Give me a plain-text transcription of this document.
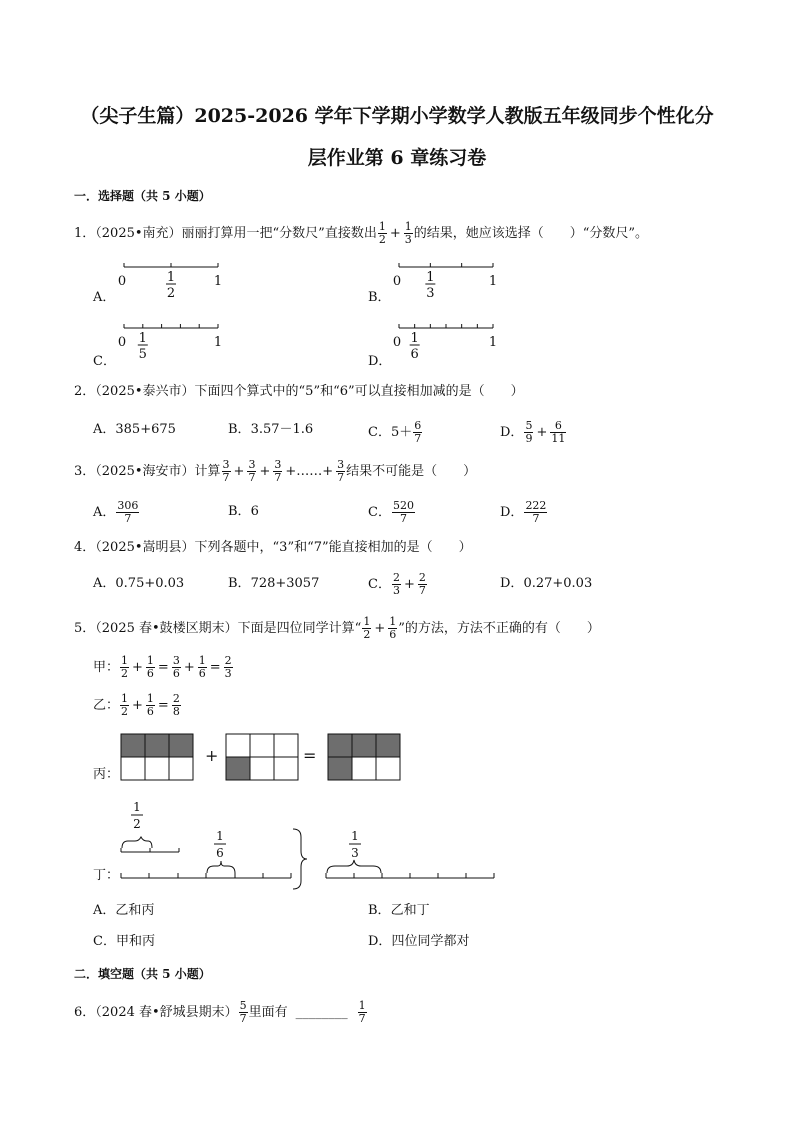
（尖子生篇）2025-2026 学年下学期小学数学人教版五年级同步个性化分
层作业第 6 章练习卷
一．选择题（共 5 小题）
1．（2025•南充）丽丽打算用一把“分数尺”直接数出 $\frac{1}{2} + \frac{1}{3}$ 的结果，她应该选择（　　）“分数尺”。
A．
0	1
1
2	B．
0	1
1
3
C．
0	1
1
5	D．
0	1
1
6
2．（2025•泰兴市）下面四个算式中的“5”和“6”可以直接相加减的是（　　）
A．385+675	B．3.57－1.6	C．$5+ \frac{6}{7}$	D． $\frac{5}{9} + \frac{6}{11}$
3．（2025•海安市）计算 $\frac{3}{7} + \frac{3}{7} + \frac{3}{7}$ +……+ $\frac{3}{7}$ 结果不可能是（　　）
A． $\frac{306}{7}$	B．6	C． $\frac{520}{7}$	D． $\frac{222}{7}$
4．（2025•嵩明县）下列各题中，“3”和“7”能直接相加的是（　　）
A．0.75+0.03	B．728+3057	C． $\frac{2}{3} + \frac{2}{7}$	D．0.27+0.03
5．（2025 春•鼓楼区期末）下面是四位同学计算“ $\frac{1}{2} + \frac{1}{6}$ ”的方法，方法不正确的有（　　）
甲： $\frac{1}{2} + \frac{1}{6} = \frac{3}{6} + \frac{1}{6} = \frac{2}{3}$
乙： $\frac{1}{2} + \frac{1}{6} = \frac{2}{8}$
丙：
+	=
丁：
1
2
1
6
1
3
A．乙和丙	B．乙和丁
C．甲和丙	D．四位同学都对
二．填空题（共 5 小题）
6．（2024 春•舒城县期末） $\frac{5}{7}$ 里面有 ________ $\frac{1}{7}$
